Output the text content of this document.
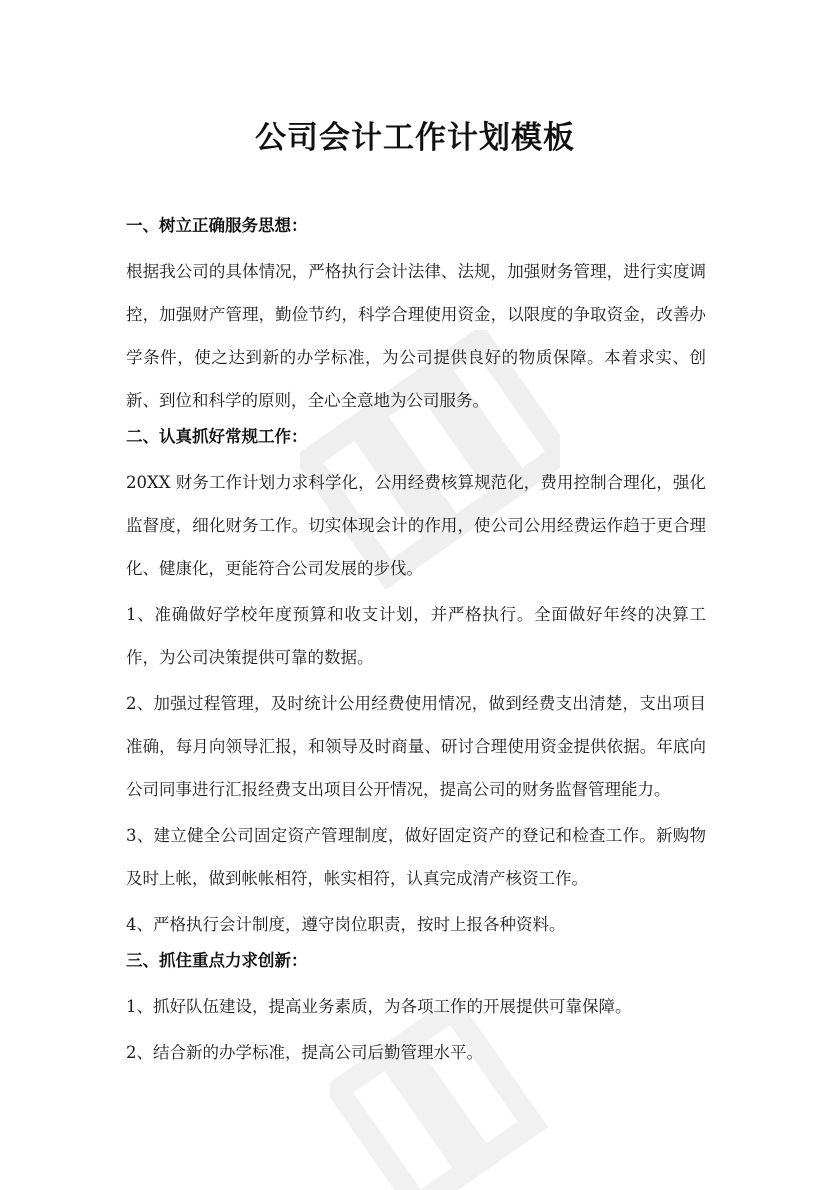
公司会计工作计划模板
一、树立正确服务思想：

根据我公司的具体情况，严格执行会计法律、法规，加强财务管理，进行实度调控，加强财产管理，勤俭节约，科学合理使用资金，以限度的争取资金，改善办学条件，使之达到新的办学标准，为公司提供良好的物质保障。本着求实、创新、到位和科学的原则，全心全意地为公司服务。

二、认真抓好常规工作：

20XX 财务工作计划力求科学化，公用经费核算规范化，费用控制合理化，强化监督度，细化财务工作。切实体现会计的作用，使公司公用经费运作趋于更合理化、健康化，更能符合公司发展的步伐。

1、准确做好学校年度预算和收支计划，并严格执行。全面做好年终的决算工作，为公司决策提供可靠的数据。

2、加强过程管理，及时统计公用经费使用情况，做到经费支出清楚，支出项目准确，每月向领导汇报，和领导及时商量、研讨合理使用资金提供依据。年底向公司同事进行汇报经费支出项目公开情况，提高公司的财务监督管理能力。

3、建立健全公司固定资产管理制度，做好固定资产的登记和检查工作。新购物及时上帐，做到帐帐相符，帐实相符，认真完成清产核资工作。

4、严格执行会计制度，遵守岗位职责，按时上报各种资料。

三、抓住重点力求创新：

1、抓好队伍建设，提高业务素质，为各项工作的开展提供可靠保障。

2、结合新的办学标准，提高公司后勤管理水平。
